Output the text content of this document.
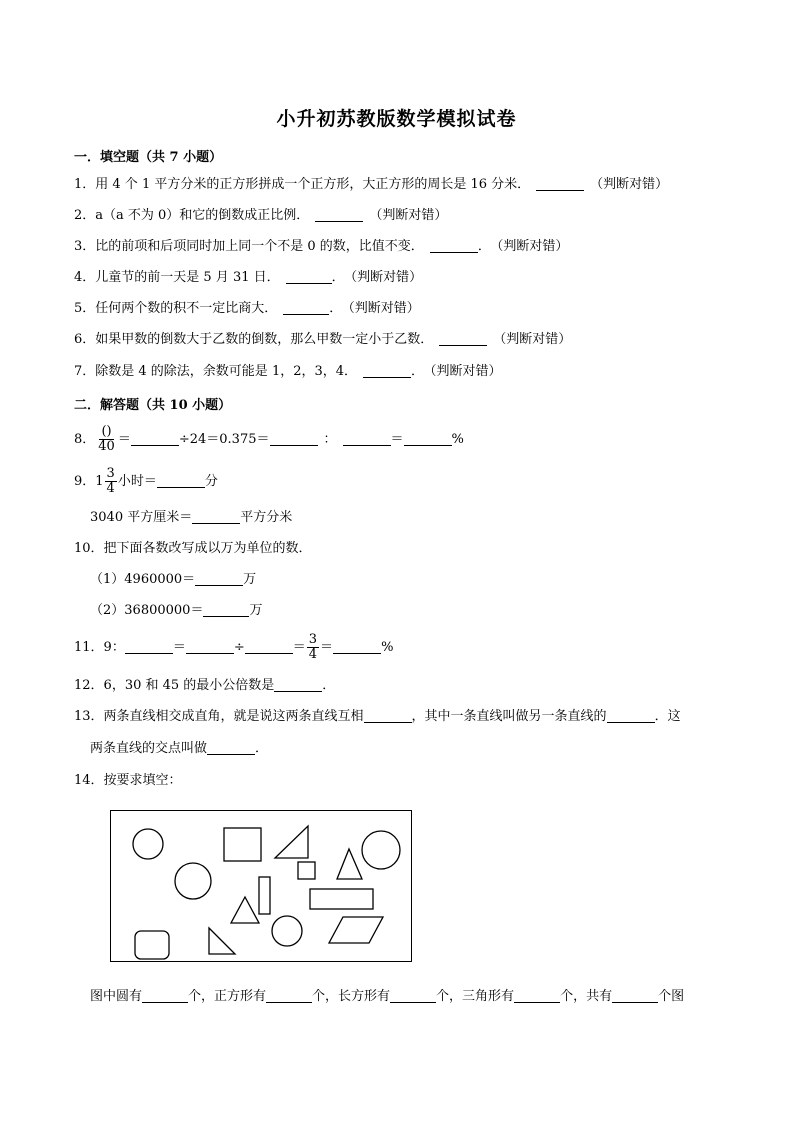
小升初苏教版数学模拟试卷
一．填空题（共 7 小题）
1．用 4 个 1 平方分米的正方形拼成一个正方形，大正方形的周长是 16 分米．	（判断对错）
2．a（a 不为 0）和它的倒数成正比例．	（判断对错）
3．比的前项和后项同时加上同一个不是 0 的数，比值不变．	． （判断对错）
4．儿童节的前一天是 5 月 31 日．	． （判断对错）
5．任何两个数的积不一定比商大．	． （判断对错）
6．如果甲数的倒数大于乙数的倒数，那么甲数一定小于乙数．	（判断对错）
7．除数是 4 的除法，余数可能是 1，2，3，4．	． （判断对错）
二．解答题（共 10 小题）
8． $\frac{()}{40}$ ＝	÷24＝0.375＝	：	＝	%
9．$1 \frac{3}{4}$ 小时＝	分
3040 平方厘米＝	平方分米
10．把下面各数改写成以万为单位的数．
（1）4960000＝	万
（2）36800000＝	万
11．9：	＝	÷	＝ $\frac{3}{4}$ ＝	%
12．6，30 和 45 的最小公倍数是	．
13．两条直线相交成直角，就是说这两条直线互相	，其中一条直线叫做另一条直线的	．这
两条直线的交点叫做	．
14．按要求填空：
图中圆有	个，正方形有	个，长方形有	个，三角形有	个，共有	个图
